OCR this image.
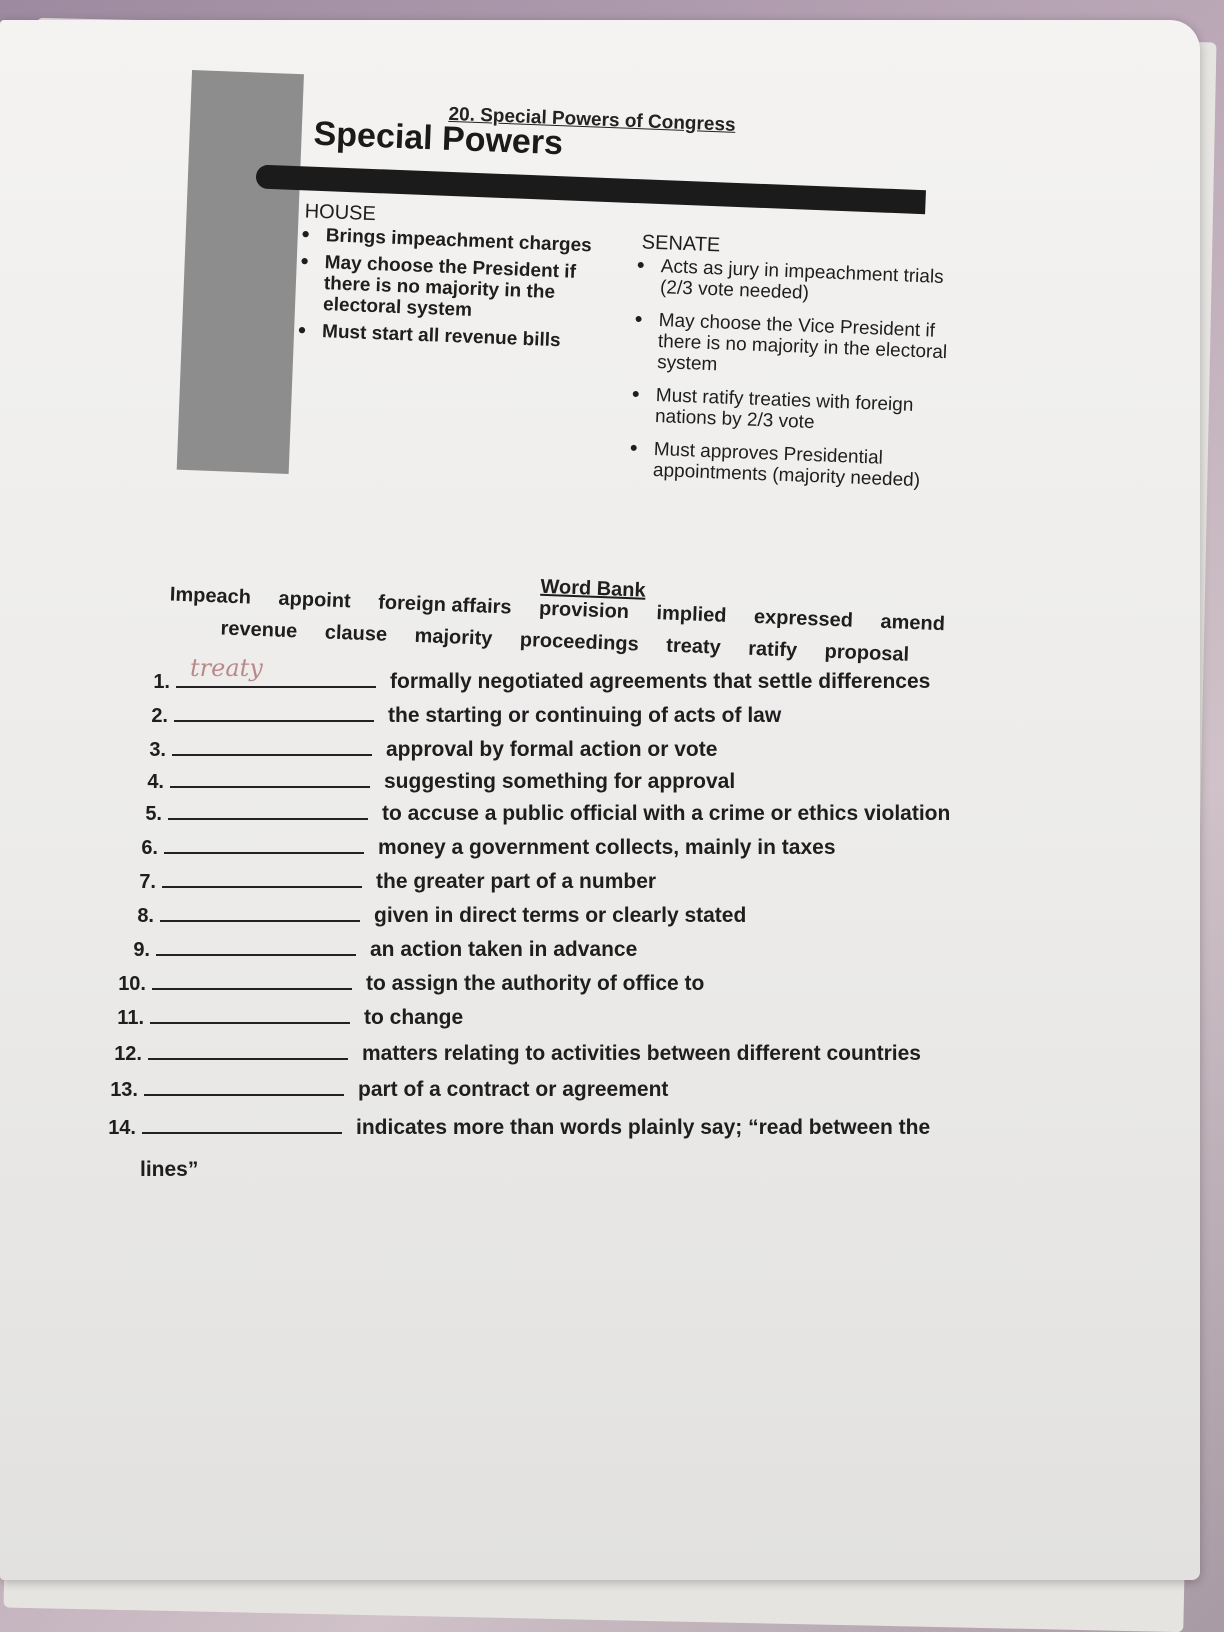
20. Special Powers of Congress
Special Powers
HOUSE
• Brings impeachment charges
• May choose the President if there is no majority in the electoral system
• Must start all revenue bills
SENATE
• Acts as jury in impeachment trials (2/3 vote needed)
• May choose the Vice President if there is no majority in the electoral system
• Must ratify treaties with foreign nations by 2/3 vote
• Must approves Presidential appointments (majority needed)
Word Bank
Impeach appoint foreign affairs provision implied expressed amend
revenue clause majority proceedings treaty ratify proposal
1. treaty	formally negotiated agreements that settle differences
2.	the starting or continuing of acts of law
3.	approval by formal action or vote
4.	suggesting something for approval
5.	to accuse a public official with a crime or ethics violation
6.	money a government collects, mainly in taxes
7.	the greater part of a number
8.	given in direct terms or clearly stated
9.	an action taken in advance
10.	to assign the authority of office to
11.	to change
12.	matters relating to activities between different countries
13.	part of a contract or agreement
14.	indicates more than words plainly say; “read between the
lines”
